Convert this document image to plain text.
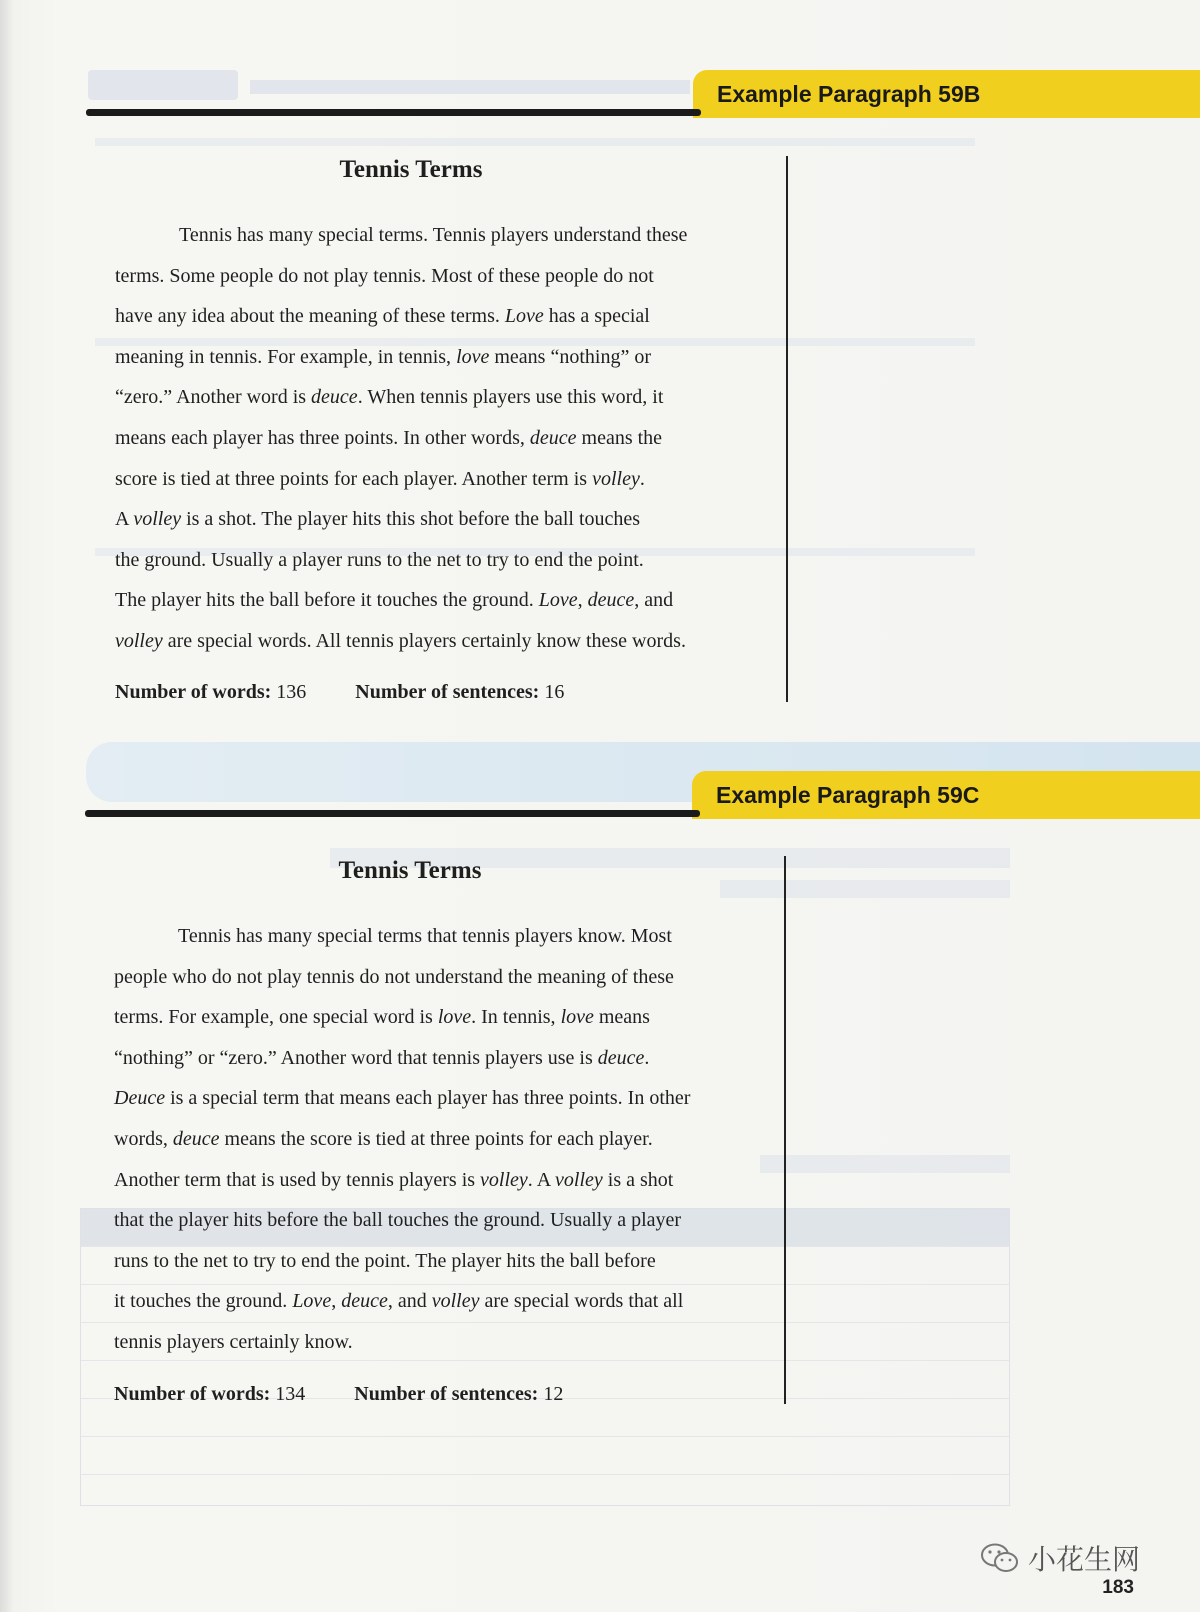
Example Paragraph 59B
Tennis Terms
Tennis has many special terms. Tennis players understand these
terms. Some people do not play tennis. Most of these people do not
have any idea about the meaning of these terms. Love has a special
meaning in tennis. For example, in tennis, love means “nothing” or
“zero.” Another word is deuce. When tennis players use this word, it
means each player has three points. In other words, deuce means the
score is tied at three points for each player. Another term is volley.
A volley is a shot. The player hits this shot before the ball touches
the ground. Usually a player runs to the net to try to end the point.
The player hits the ball before it touches the ground. Love, deuce, and
volley are special words. All tennis players certainly know these words.
Number of words: 136 Number of sentences: 16
Example Paragraph 59C
Tennis Terms
Tennis has many special terms that tennis players know. Most
people who do not play tennis do not understand the meaning of these
terms. For example, one special word is love. In tennis, love means
“nothing” or “zero.” Another word that tennis players use is deuce.
Deuce is a special term that means each player has three points. In other
words, deuce means the score is tied at three points for each player.
Another term that is used by tennis players is volley. A volley is a shot
that the player hits before the ball touches the ground. Usually a player
runs to the net to try to end the point. The player hits the ball before
it touches the ground. Love, deuce, and volley are special words that all
tennis players certainly know.
Number of words: 134 Number of sentences: 12
小花生网
183
